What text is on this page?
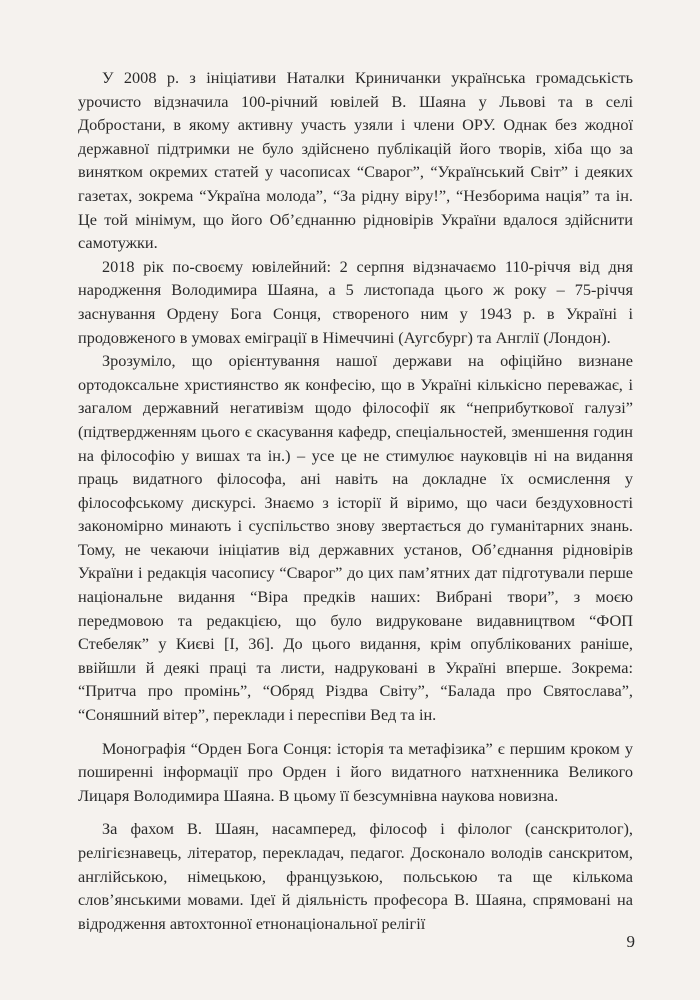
У 2008 р. з ініціативи Наталки Криничанки українська громадськість урочисто відзначила 100-річний ювілей В. Шаяна у Львові та в селі Добростани, в якому активну участь узяли і члени ОРУ. Однак без жодної державної підтримки не було здійснено публікацій його творів, хіба що за винятком окремих статей у часописах “Сварог”, “Український Світ” і деяких газетах, зокрема “Україна молода”, “За рідну віру!”, “Незборима нація” та ін. Це той мінімум, що його Об’єднанню рідновірів України вдалося здійснити самотужки.

2018 рік по-своєму ювілейний: 2 серпня відзначаємо 110-річчя від дня народження Володимира Шаяна, а 5 листопада цього ж року – 75-річчя заснування Ордену Бога Сонця, створеного ним у 1943 р. в Україні і продовженого в умовах еміграції в Німеччині (Аугсбург) та Англії (Лондон).

Зрозуміло, що орієнтування нашої держави на офіційно визнане ортодоксальне християнство як конфесію, що в Україні кількісно переважає, і загалом державний негативізм щодо філософії як “неприбуткової галузі” (підтвердженням цього є скасування кафедр, спеціальностей, зменшення годин на філософію у вишах та ін.) – усе це не стимулює науковців ні на видання праць видатного філософа, ані навіть на докладне їх осмислення у філософському дискурсі. Знаємо з історії й віримо, що часи бездуховності закономірно минають і суспільство знову звертається до гуманітарних знань. Тому, не чекаючи ініціатив від державних установ, Об’єднання рідновірів України і редакція часопису “Сварог” до цих пам’ятних дат підготували перше національне видання “Віра предків наших: Вибрані твори”, з моєю передмовою та редакцією, що було видруковане видавництвом “ФОП Стебеляк” у Києві [І, 36]. До цього видання, крім опублікованих раніше, ввійшли й деякі праці та листи, надруковані в Україні вперше. Зокрема: “Притча про промінь”, “Обряд Різдва Світу”, “Балада про Святослава”, “Соняшний вітер”, переклади і переспіви Вед та ін.

Монографія “Орден Бога Сонця: історія та метафізика” є першим кроком у поширенні інформації про Орден і його видатного натхненника Великого Лицаря Володимира Шаяна. В цьому її безсумнівна наукова новизна.

За фахом В. Шаян, насамперед, філософ і філолог (санскритолог), релігієзнавець, літератор, перекладач, педагог. Досконало володів санскритом, англійською, німецькою, французькою, польською та ще кількома слов’янськими мовами. Ідеї й діяльність професора В. Шаяна, спрямовані на відродження автохтонної етнонаціональної релігії

9
